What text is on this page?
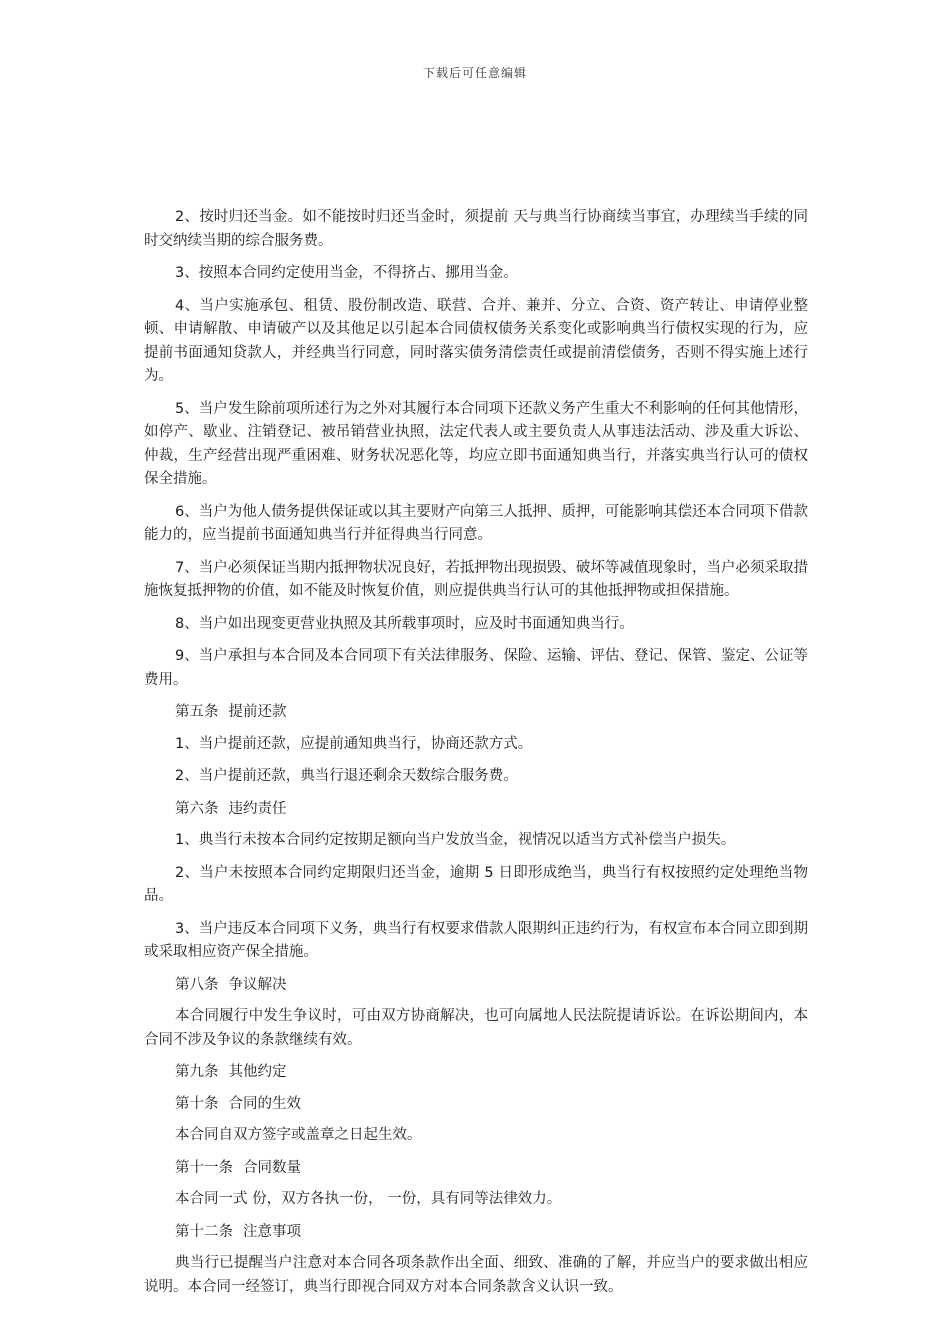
下载后可任意编辑

2、按时归还当金。如不能按时归还当金时，须提前 天与典当行协商续当事宜，办理续当手续的同时交纳续当期的综合服务费。

3、按照本合同约定使用当金，不得挤占、挪用当金。

4、当户实施承包、租赁、股份制改造、联营、合并、兼并、分立、合资、资产转让、申请停业整顿、申请解散、申请破产以及其他足以引起本合同债权债务关系变化或影响典当行债权实现的行为，应提前书面通知贷款人，并经典当行同意，同时落实债务清偿责任或提前清偿债务，否则不得实施上述行为。

5、当户发生除前项所述行为之外对其履行本合同项下还款义务产生重大不利影响的任何其他情形，如停产、歇业、注销登记、被吊销营业执照，法定代表人或主要负责人从事违法活动、涉及重大诉讼、仲裁，生产经营出现严重困难、财务状况恶化等，均应立即书面通知典当行，并落实典当行认可的债权保全措施。

6、当户为他人债务提供保证或以其主要财产向第三人抵押、质押，可能影响其偿还本合同项下借款能力的，应当提前书面通知典当行并征得典当行同意。

7、当户必须保证当期内抵押物状况良好，若抵押物出现损毁、破坏等减值现象时，当户必须采取措施恢复抵押物的价值，如不能及时恢复价值，则应提供典当行认可的其他抵押物或担保措施。

8、当户如出现变更营业执照及其所载事项时，应及时书面通知典当行。

9、当户承担与本合同及本合同项下有关法律服务、保险、运输、评估、登记、保管、鉴定、公证等费用。

第五条 提前还款

1、当户提前还款，应提前通知典当行，协商还款方式。

2、当户提前还款，典当行退还剩余天数综合服务费。

第六条 违约责任

1、典当行未按本合同约定按期足额向当户发放当金，视情况以适当方式补偿当户损失。

2、当户未按照本合同约定期限归还当金，逾期 5 日即形成绝当，典当行有权按照约定处理绝当物品。

3、当户违反本合同项下义务，典当行有权要求借款人限期纠正违约行为，有权宣布本合同立即到期或采取相应资产保全措施。

第八条 争议解决

本合同履行中发生争议时，可由双方协商解决，也可向属地人民法院提请诉讼。在诉讼期间内，本合同不涉及争议的条款继续有效。

第九条 其他约定

第十条 合同的生效

本合同自双方签字或盖章之日起生效。

第十一条 合同数量

本合同一式 份，双方各执一份， 一份，具有同等法律效力。

第十二条 注意事项

典当行已提醒当户注意对本合同各项条款作出全面、细致、准确的了解，并应当户的要求做出相应说明。本合同一经签订，典当行即视合同双方对本合同条款含义认识一致。
